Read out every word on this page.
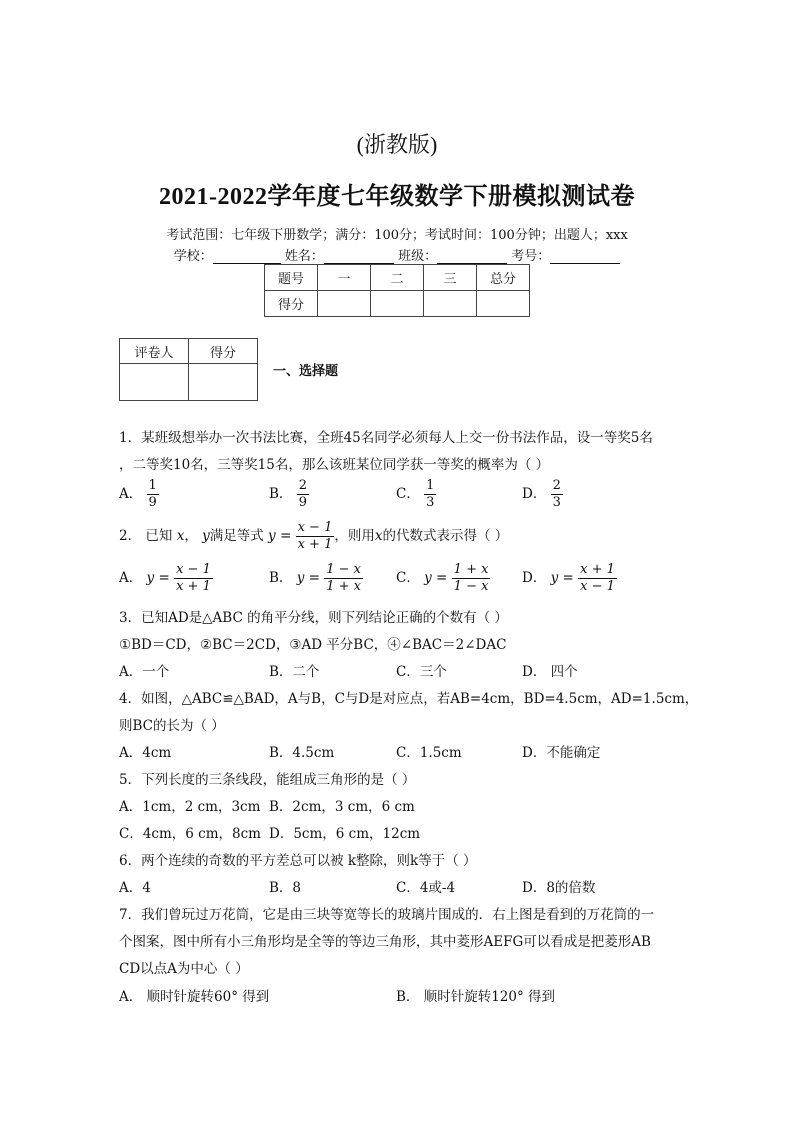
(浙教版)
2021-2022学年度七年级数学下册模拟测试卷
考试范围：七年级下册数学；满分：100分；考试时间：100分钟；出题人；xxx
学校：	姓名：	班级：	考号：
题号	一	二	三	总分
得分				
评卷人	得分

一、选择题
1．某班级想举办一次书法比赛，全班45名同学必须每人上交一份书法作品，设一等奖5名
，二等奖10名，三等奖15名，那么该班某位同学获一等奖的概率为（ ）
A． $\frac{1}{9}$	B． $\frac{2}{9}$	C． $\frac{1}{3}$	D． $\frac{2}{3}$
2． 已知 x， y满足等式 $y = \frac{x - 1}{x + 1}$ ，则用x的代数式表示得（ ）
A． $y = \frac{x - 1}{x + 1}$	B． $y = \frac{1 - x}{1 + x}$ C． $y = \frac{1 + x}{1 - x}$ D． $y = \frac{x + 1}{x - 1}$
3．已知AD是△ABC 的角平分线，则下列结论正确的个数有（ ）
①BD＝CD，②BC＝2CD，③AD 平分BC，④∠BAC＝2∠DAC
A．一个	B．二个	C．三个	D． 四个
4．如图，△ABC≌△BAD，A与B，C与D是对应点，若AB=4cm，BD=4.5cm，AD=1.5cm，
则BC的长为（ ）
A．4cm	B．4.5cm	C．1.5cm	D．不能确定
5．下列长度的三条线段，能组成三角形的是（ ）
A．1cm，2 cm，3cm B．2cm，3 cm，6 cm
C．4cm，6 cm，8cm D．5cm，6 cm，12cm
6．两个连续的奇数的平方差总可以被 k整除，则k等于（ ）
A．4	B．8	C．4或-4	D．8的倍数
7．我们曾玩过万花筒，它是由三块等宽等长的玻璃片围成的．右上图是看到的万花筒的一
个图案，图中所有小三角形均是全等的等边三角形，其中菱形AEFG可以看成是把菱形AB
CD以点A为中心（ ）
A． 顺时针旋转60° 得到	B． 顺时针旋转120° 得到
